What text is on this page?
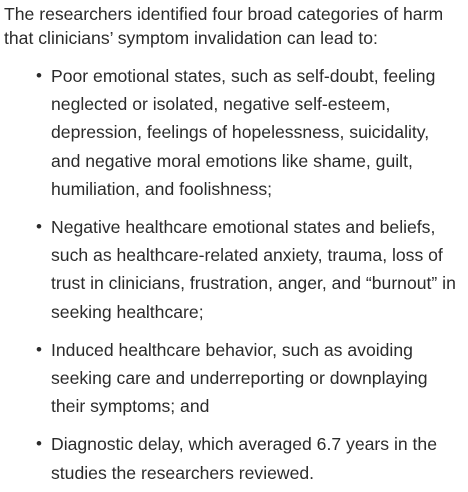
The researchers identified four broad categories of harm that clinicians’ symptom invalidation can lead to:

• Poor emotional states, such as self-doubt, feeling neglected or isolated, negative self-esteem, depression, feelings of hopelessness, suicidality, and negative moral emotions like shame, guilt, humiliation, and foolishness;
• Negative healthcare emotional states and beliefs, such as healthcare-related anxiety, trauma, loss of trust in clinicians, frustration, anger, and “burnout” in seeking healthcare;
• Induced healthcare behavior, such as avoiding seeking care and underreporting or downplaying their symptoms; and
• Diagnostic delay, which averaged 6.7 years in the studies the researchers reviewed.
